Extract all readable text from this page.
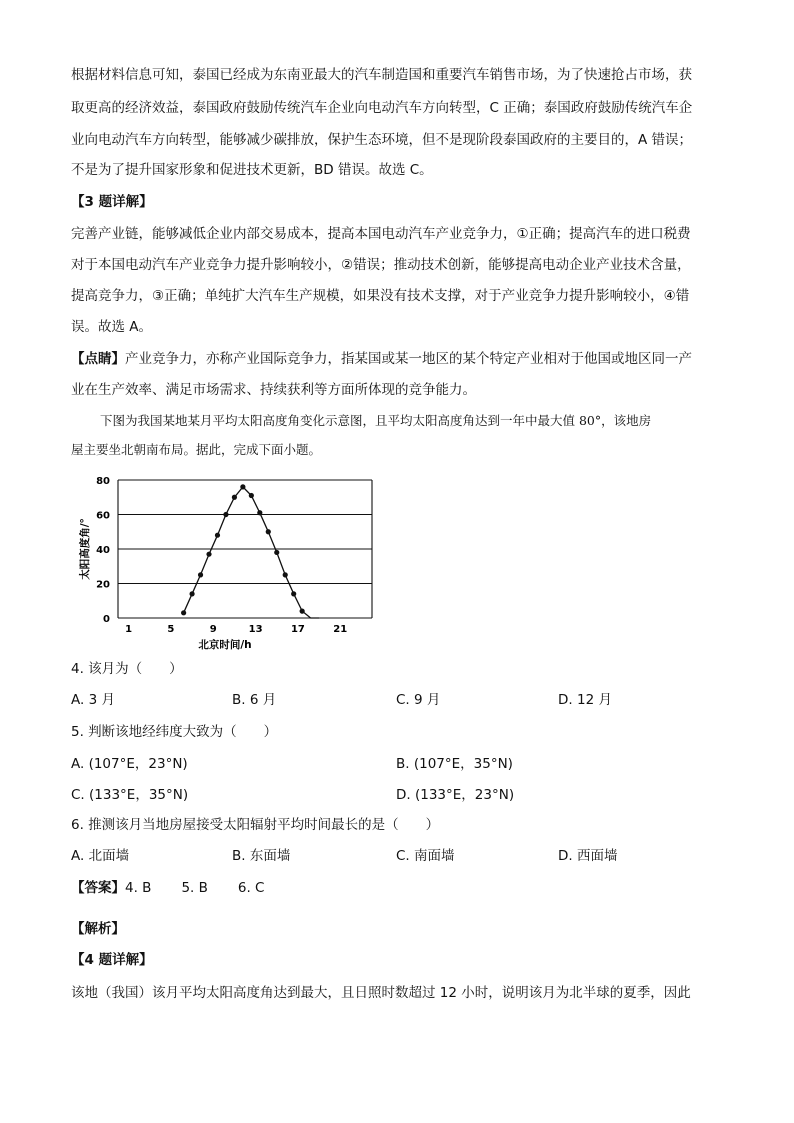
根据材料信息可知，泰国已经成为东南亚最大的汽车制造国和重要汽车销售市场，为了快速抢占市场，获
取更高的经济效益，泰国政府鼓励传统汽车企业向电动汽车方向转型，C 正确；泰国政府鼓励传统汽车企
业向电动汽车方向转型，能够减少碳排放，保护生态环境，但不是现阶段泰国政府的主要目的，A 错误；
不是为了提升国家形象和促进技术更新，BD 错误。故选 C。
【3 题详解】
完善产业链，能够减低企业内部交易成本，提高本国电动汽车产业竞争力，①正确；提高汽车的进口税费
对于本国电动汽车产业竞争力提升影响较小，②错误；推动技术创新，能够提高电动企业产业技术含量，
提高竞争力，③正确；单纯扩大汽车生产规模，如果没有技术支撑，对于产业竞争力提升影响较小，④错
误。故选 A。
【点睛】产业竞争力，亦称产业国际竞争力，指某国或某一地区的某个特定产业相对于他国或地区同一产
业在生产效率、满足市场需求、持续获利等方面所体现的竞争能力。
下图为我国某地某月平均太阳高度角变化示意图，且平均太阳高度角达到一年中最大值 80°，该地房
屋主要坐北朝南布局。据此，完成下面小题。
0
20
40
60
80
1	5	9	13	17	21
太阳高度角/°
北京时间/h
4. 该月为（　　）
A. 3 月	B. 6 月	C. 9 月	D. 12 月
5. 判断该地经纬度大致为（　　）
A. (107°E，23°N)	B. (107°E，35°N)
C. (133°E，35°N)	D. (133°E，23°N)
6. 推测该月当地房屋接受太阳辐射平均时间最长的是（　　）
A. 北面墙	B. 东面墙	C. 南面墙	D. 西面墙
【答案】4. B 5. B 6. C
【解析】
【4 题详解】
该地（我国）该月平均太阳高度角达到最大，且日照时数超过 12 小时，说明该月为北半球的夏季，因此
